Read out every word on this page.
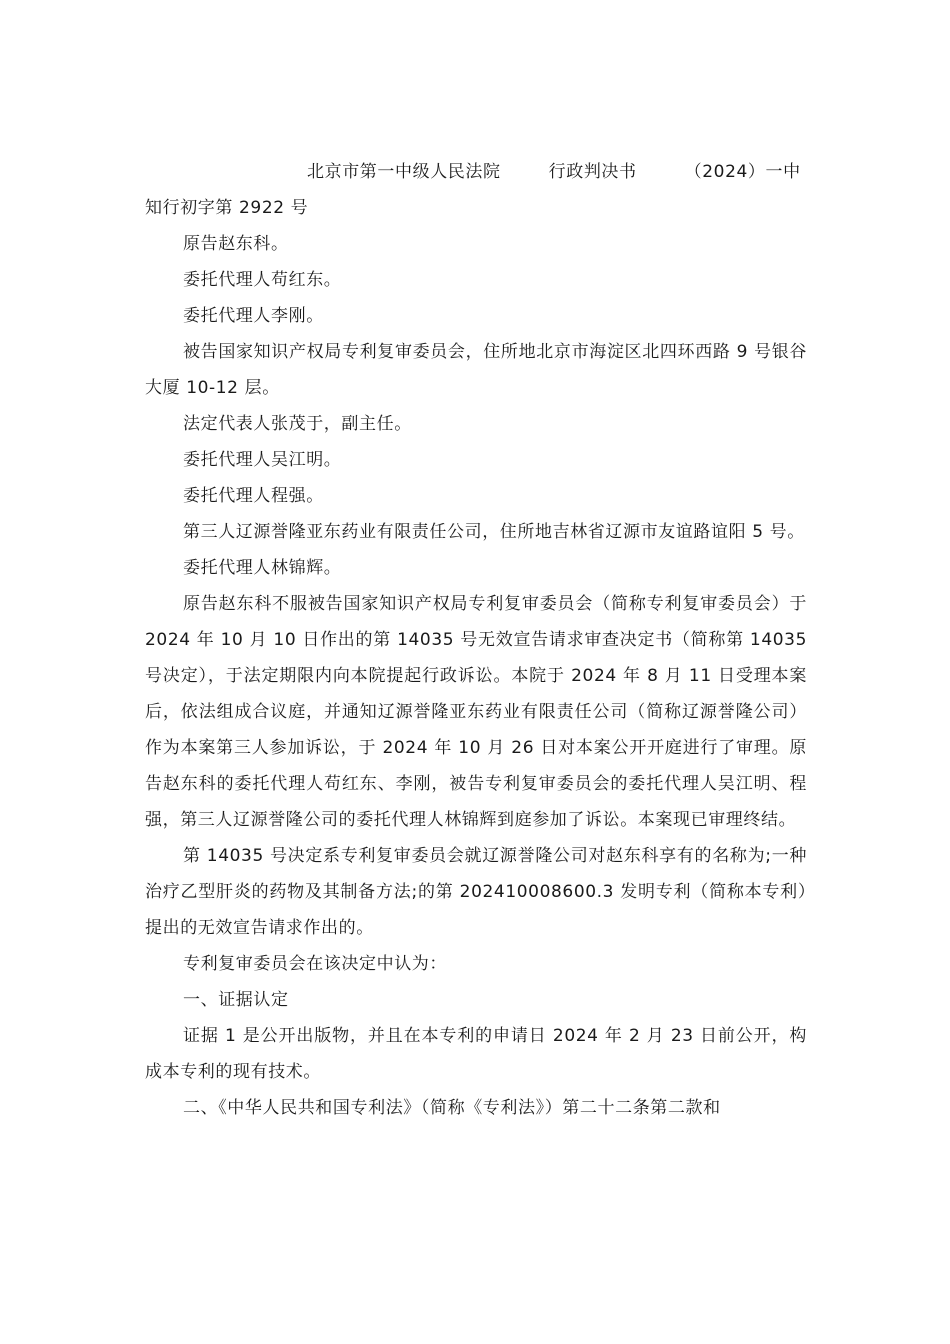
北京市第一中级人民法院        行政判决书        （2024）一中

知行初字第 2922 号

原告赵东科。

委托代理人苟红东。

委托代理人李刚。

被告国家知识产权局专利复审委员会，住所地北京市海淀区北四环西路 9 号银谷大厦 10-12 层。

法定代表人张茂于，副主任。

委托代理人吴江明。

委托代理人程强。

第三人辽源誉隆亚东药业有限责任公司，住所地吉林省辽源市友谊路谊阳 5 号。

委托代理人林锦辉。

原告赵东科不服被告国家知识产权局专利复审委员会（简称专利复审委员会）于 2024 年 10 月 10 日作出的第 14035 号无效宣告请求审查决定书（简称第 14035 号决定），于法定期限内向本院提起行政诉讼。本院于 2024 年 8 月 11 日受理本案后，依法组成合议庭，并通知辽源誉隆亚东药业有限责任公司（简称辽源誉隆公司）作为本案第三人参加诉讼，于 2024 年 10 月 26 日对本案公开开庭进行了审理。原告赵东科的委托代理人苟红东、李刚，被告专利复审委员会的委托代理人吴江明、程强，第三人辽源誉隆公司的委托代理人林锦辉到庭参加了诉讼。本案现已审理终结。

第 14035 号决定系专利复审委员会就辽源誉隆公司对赵东科享有的名称为;一种治疗乙型肝炎的药物及其制备方法;的第 202410008600.3 发明专利（简称本专利）提出的无效宣告请求作出的。

专利复审委员会在该决定中认为：

一、证据认定

证据 1 是公开出版物，并且在本专利的申请日 2024 年 2 月 23 日前公开，构成本专利的现有技术。

二、《中华人民共和国专利法》（简称《专利法》）第二十二条第二款和
